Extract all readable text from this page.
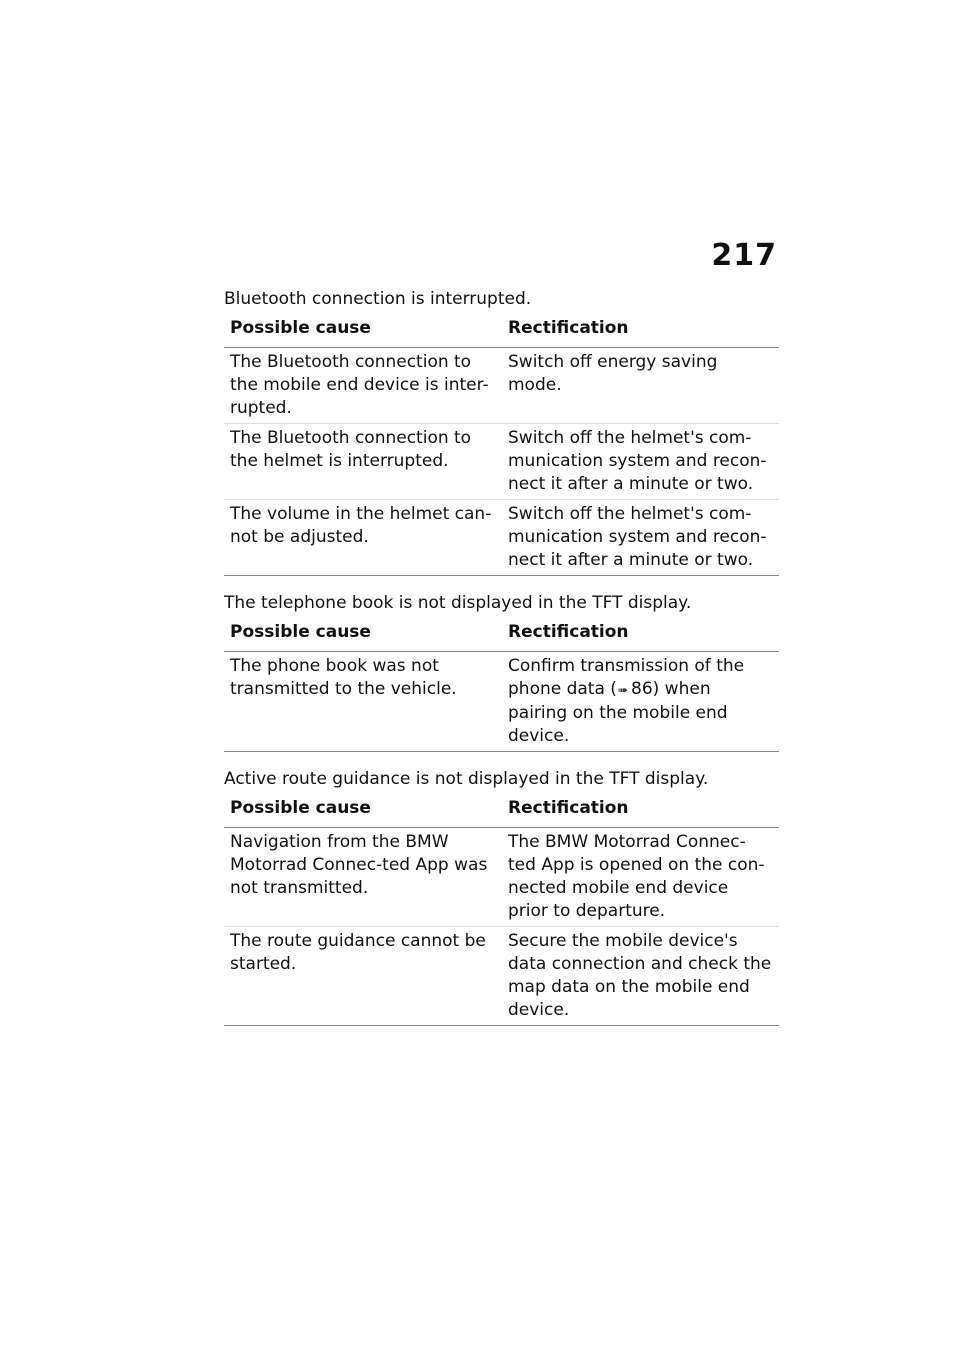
217
Bluetooth connection is interrupted.
Possible cause	Rectification
The Bluetooth connection to the mobile end device is inter-rupted.	Switch off energy saving mode.
The Bluetooth connection to the helmet is interrupted.	Switch off the helmet's com-munication system and recon-nect it after a minute or two.
The volume in the helmet can-not be adjusted.	Switch off the helmet's com-munication system and recon-nect it after a minute or two.
The telephone book is not displayed in the TFT display.
Possible cause	Rectification
The phone book was not transmitted to the vehicle.	Confirm transmission of the phone data (➠ 86) when pairing on the mobile end device.
Active route guidance is not displayed in the TFT display.
Possible cause	Rectification
Navigation from the BMW Motorrad Connec-ted App was not transmitted.	The BMW Motorrad Connec-ted App is opened on the con-nected mobile end device prior to departure.
The route guidance cannot be started.	Secure the mobile device's data connection and check the map data on the mobile end device.
